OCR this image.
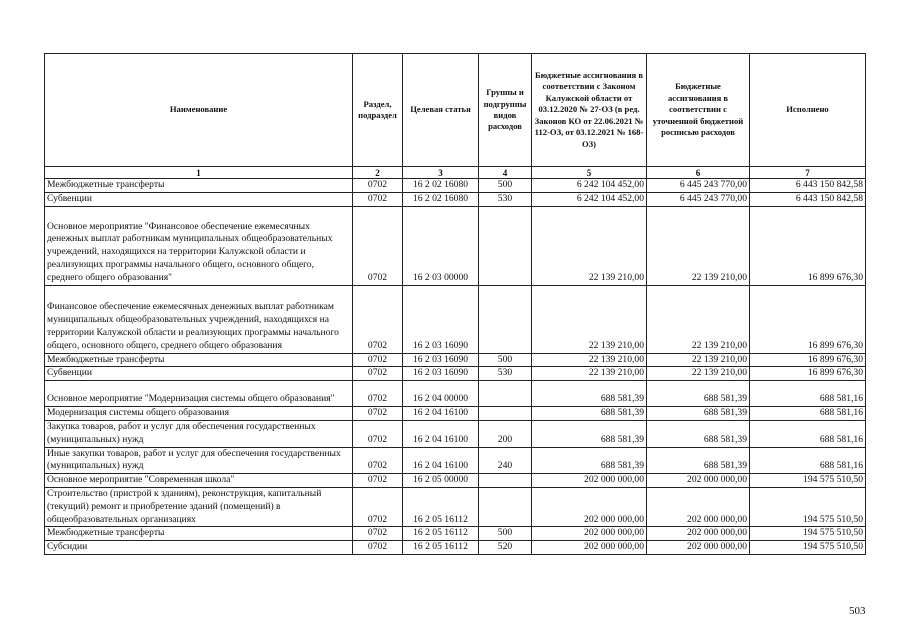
Наименование	Раздел, подраздел	Целевая статья	Группы и подгруппы видов расходов	Бюджетные ассигнования в соответствии с Законом Калужской области от 03.12.2020 № 27-ОЗ (в ред. Законов КО от 22.06.2021 № 112-ОЗ, от 03.12.2021 № 168-ОЗ)	Бюджетные ассигнования в соответствии с уточненной бюджетной росписью расходов	Исполнено
1	2	3	4	5	6	7
Межбюджетные трансферты	0702	16 2 02 16080	500	6 242 104 452,00	6 445 243 770,00	6 443 150 842,58
Субвенции	0702	16 2 02 16080	530	6 242 104 452,00	6 445 243 770,00	6 443 150 842,58
Основное мероприятие "Финансовое обеспечение ежемесячных денежных выплат работникам муниципальных общеобразовательных учреждений, находящихся на территории Калужской области и реализующих программы начального общего, основного общего, среднего общего образования"	0702	16 2 03 00000		22 139 210,00	22 139 210,00	16 899 676,30
Финансовое обеспечение ежемесячных денежных выплат работникам муниципальных общеобразовательных учреждений, находящихся на территории Калужской области и реализующих программы начального общего, основного общего, среднего общего образования	0702	16 2 03 16090		22 139 210,00	22 139 210,00	16 899 676,30
Межбюджетные трансферты	0702	16 2 03 16090	500	22 139 210,00	22 139 210,00	16 899 676,30
Субвенции	0702	16 2 03 16090	530	22 139 210,00	22 139 210,00	16 899 676,30
Основное мероприятие "Модернизация системы общего образования"	0702	16 2 04 00000		688 581,39	688 581,39	688 581,16
Модернизация системы общего образования	0702	16 2 04 16100		688 581,39	688 581,39	688 581,16
Закупка товаров, работ и услуг для обеспечения государственных (муниципальных) нужд	0702	16 2 04 16100	200	688 581,39	688 581,39	688 581,16
Иные закупки товаров, работ и услуг для обеспечения государственных (муниципальных) нужд	0702	16 2 04 16100	240	688 581,39	688 581,39	688 581,16
Основное мероприятие "Современная школа"	0702	16 2 05 00000		202 000 000,00	202 000 000,00	194 575 510,50
Строительство (пристрой к зданиям), реконструкция, капитальный (текущий) ремонт и приобретение зданий (помещений) в общеобразовательных организациях	0702	16 2 05 16112		202 000 000,00	202 000 000,00	194 575 510,50
Межбюджетные трансферты	0702	16 2 05 16112	500	202 000 000,00	202 000 000,00	194 575 510,50
Субсидии	0702	16 2 05 16112	520	202 000 000,00	202 000 000,00	194 575 510,50
503
